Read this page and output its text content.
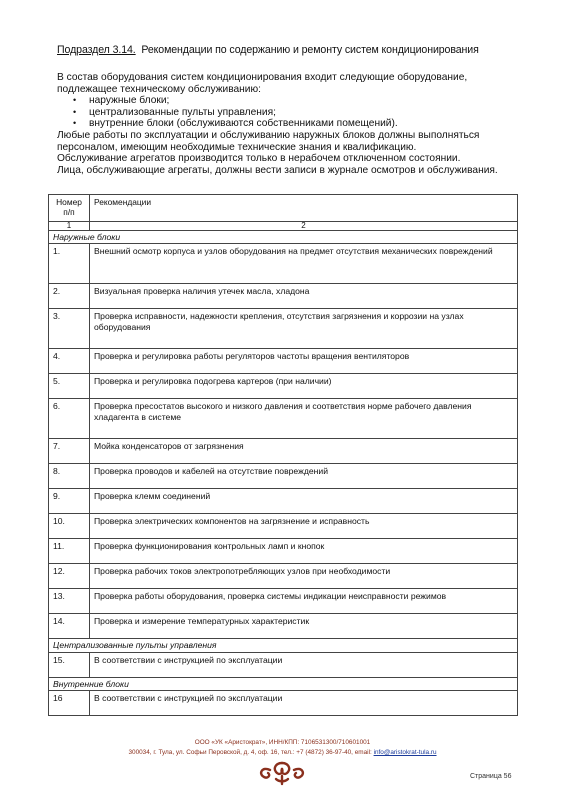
Подраздел 3.14. Рекомендации по содержанию и ремонту систем кондиционирования

В состав оборудования систем кондиционирования входит следующие оборудование,

подлежащее техническому обслуживанию:

• наружные блоки;
• централизованные пульты управления;
• внутренние блоки (обслуживаются собственниками помещений).

Любые работы по эксплуатации и обслуживанию наружных блоков должны выполняться

персоналом, имеющим необходимые технические знания и квалификацию.

Обслуживание агрегатов производится только в нерабочем отключенном состоянии.

Лица, обслуживающие агрегаты, должны вести записи в журнале осмотров и обслуживания.

Номер
п/п	Рекомендации
1	2
Наружные блоки	
1.	Внешний осмотр корпуса и узлов оборудования на предмет отсутствия механических повреждений
2.	Визуальная проверка наличия утечек масла, хладона
3.	Проверка исправности, надежности крепления, отсутствия загрязнения и коррозии на узлах оборудования
4.	Проверка и регулировка работы регуляторов частоты вращения вентиляторов
5.	Проверка и регулировка подогрева картеров (при наличии)
6.	Проверка пресостатов высокого и низкого давления и соответствия норме рабочего давления хладагента в системе
7.	Мойка конденсаторов от загрязнения
8.	Проверка проводов и кабелей на отсутствие повреждений
9.	Проверка клемм соединений
10.	Проверка электрических компонентов на загрязнение и исправность
11.	Проверка функционирования контрольных ламп и кнопок
12.	Проверка рабочих токов электропотребляющих узлов при необходимости
13.	Проверка работы оборудования, проверка системы индикации неисправности режимов
14.	Проверка и измерение температурных характеристик
Централизованные пульты управления	
15.	В соответствии с инструкцией по эксплуатации
Внутренние блоки	
16	В соответствии с инструкцией по эксплуатации
ООО «УК «Аристократ», ИНН/КПП: 7106531300/710601001
300034, г. Тула, ул. Софьи Перовской, д. 4, оф. 16, тел.: +7 (4872) 36-97-40, email: info@aristokrat-tula.ru
Страница 56
